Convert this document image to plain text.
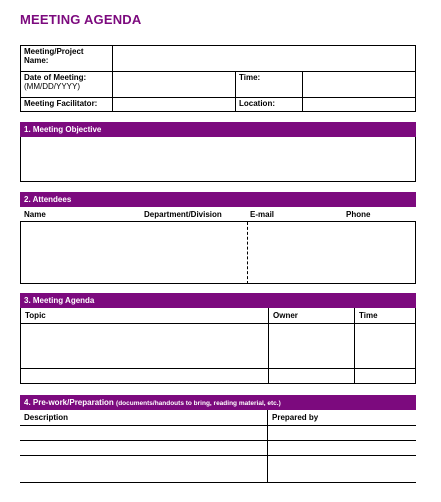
MEETING AGENDA
Meeting/Project Name:			
Date of Meeting:
(MM/DD/YYYY)		Time:	
Meeting Facilitator:		Location:	
1. Meeting Objective
2. Attendees
Name	Department/Division	E-mail	Phone
3. Meeting Agenda
Topic	Owner	Time
4. Pre-work/Preparation (documents/handouts to bring, reading material, etc.)
Description	Prepared by
